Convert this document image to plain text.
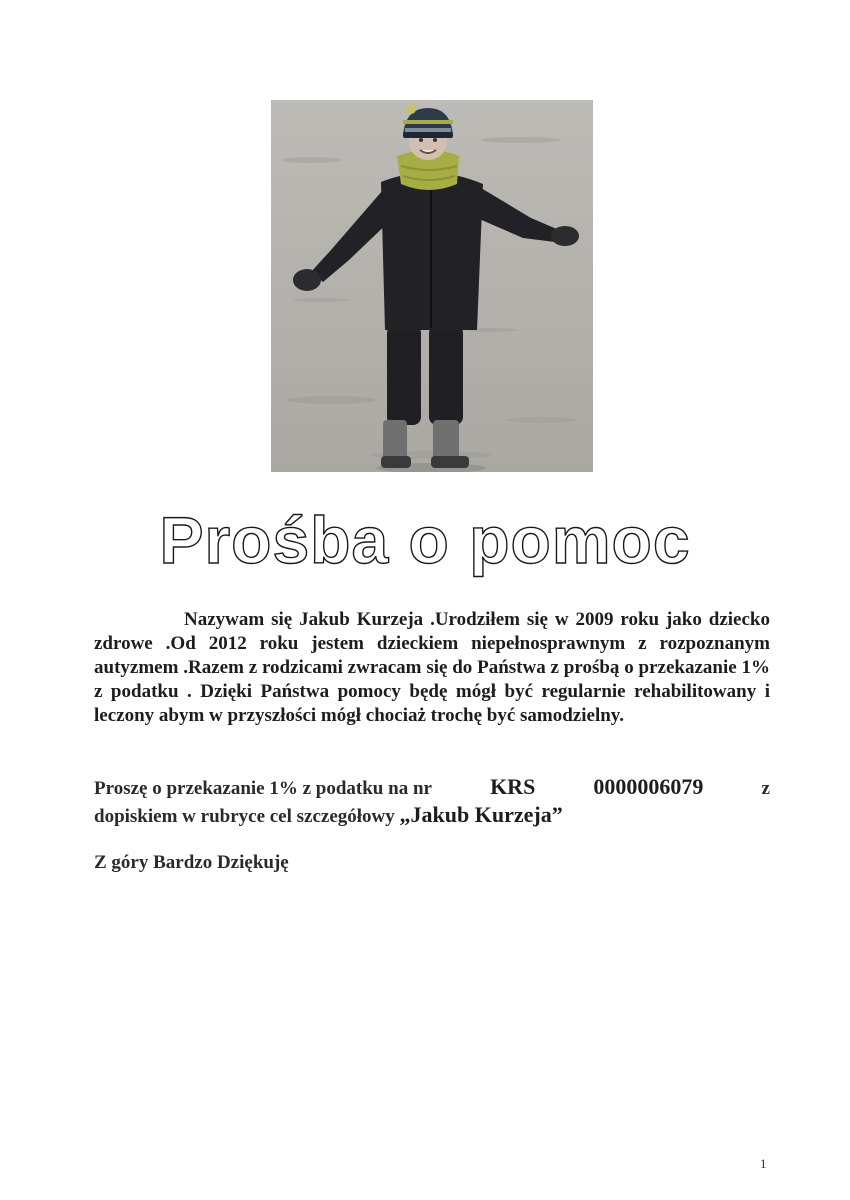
Prośba o pomoc

Nazywam się Jakub Kurzeja .Urodziłem się w 2009 roku jako dziecko zdrowe .Od 2012 roku jestem dzieckiem niepełnosprawnym z rozpoznanym autyzmem .Razem z rodzicami zwracam się do Państwa z prośbą o przekazanie 1% z podatku . Dzięki Państwa pomocy będę mógł być regularnie rehabilitowany i leczony abym w przyszłości mógł chociaż trochę być samodzielny.

Proszę o przekazanie 1% z podatku na nr	KRS	0000006079	z
dopiskiem w rubryce cel szczegółowy „Jakub Kurzeja”

Z góry Bardzo Dziękuję

1
